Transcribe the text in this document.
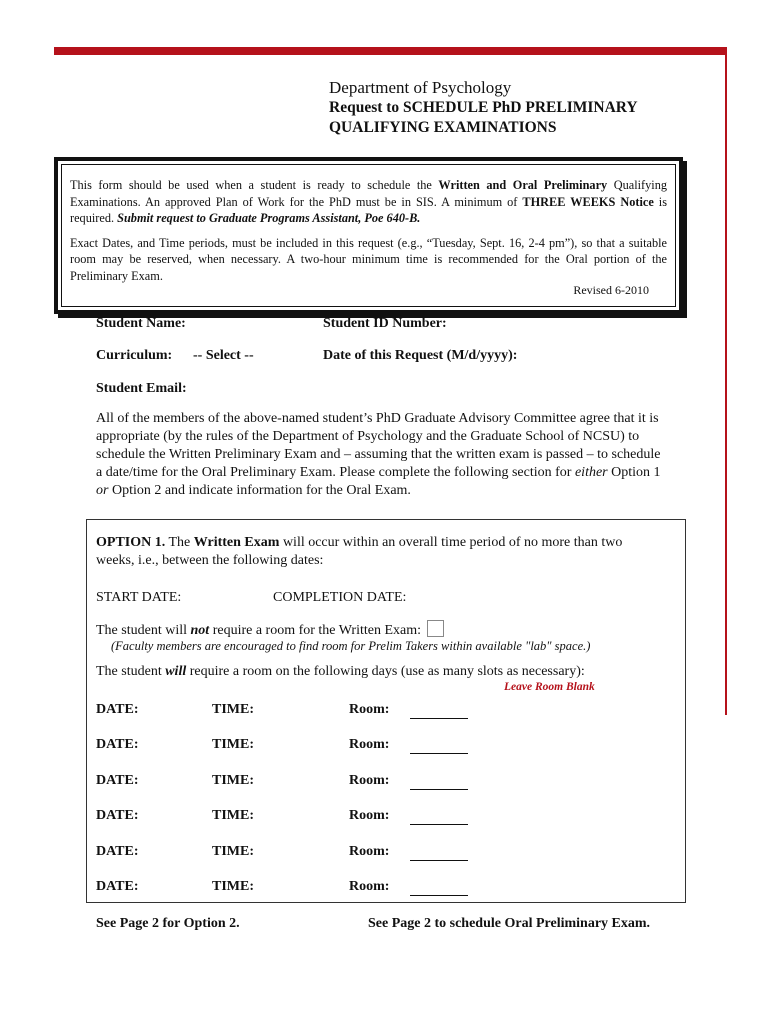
Department of Psychology
Request to SCHEDULE PhD PRELIMINARY
QUALIFYING EXAMINATIONS

This form should be used when a student is ready to schedule the Written and Oral Preliminary Qualifying Examinations. An approved Plan of Work for the PhD must be in SIS. A minimum of THREE WEEKS Notice is required. Submit request to Graduate Programs Assistant, Poe 640-B.

Exact Dates, and Time periods, must be included in this request (e.g., “Tuesday, Sept. 16, 2-4 pm”), so that a suitable room may be reserved, when necessary. A two-hour minimum time is recommended for the Oral portion of the Preliminary Exam.

Revised 6-2010
Student Name:	Student ID Number:
Curriculum: -- Select --	Date of this Request (M/d/yyyy):
Student Email:
All of the members of the above-named student’s PhD Graduate Advisory Committee agree that it is appropriate (by the rules of the Department of Psychology and the Graduate School of NCSU) to schedule the Written Preliminary Exam and – assuming that the written exam is passed – to schedule a date/time for the Oral Preliminary Exam. Please complete the following section for either Option 1 or Option 2 and indicate information for the Oral Exam.
OPTION 1. The Written Exam will occur within an overall time period of no more than two weeks, i.e., between the following dates:
START DATE:	COMPLETION DATE:
The student will not require a room for the Written Exam:
(Faculty members are encouraged to find room for Prelim Takers within available "lab" space.)
The student will require a room on the following days (use as many slots as necessary):
Leave Room Blank
DATE:	TIME:	Room:
DATE:	TIME:	Room:
DATE:	TIME:	Room:
DATE:	TIME:	Room:
DATE:	TIME:	Room:
DATE:	TIME:	Room:
See Page 2 for Option 2.	See Page 2 to schedule Oral Preliminary Exam.
